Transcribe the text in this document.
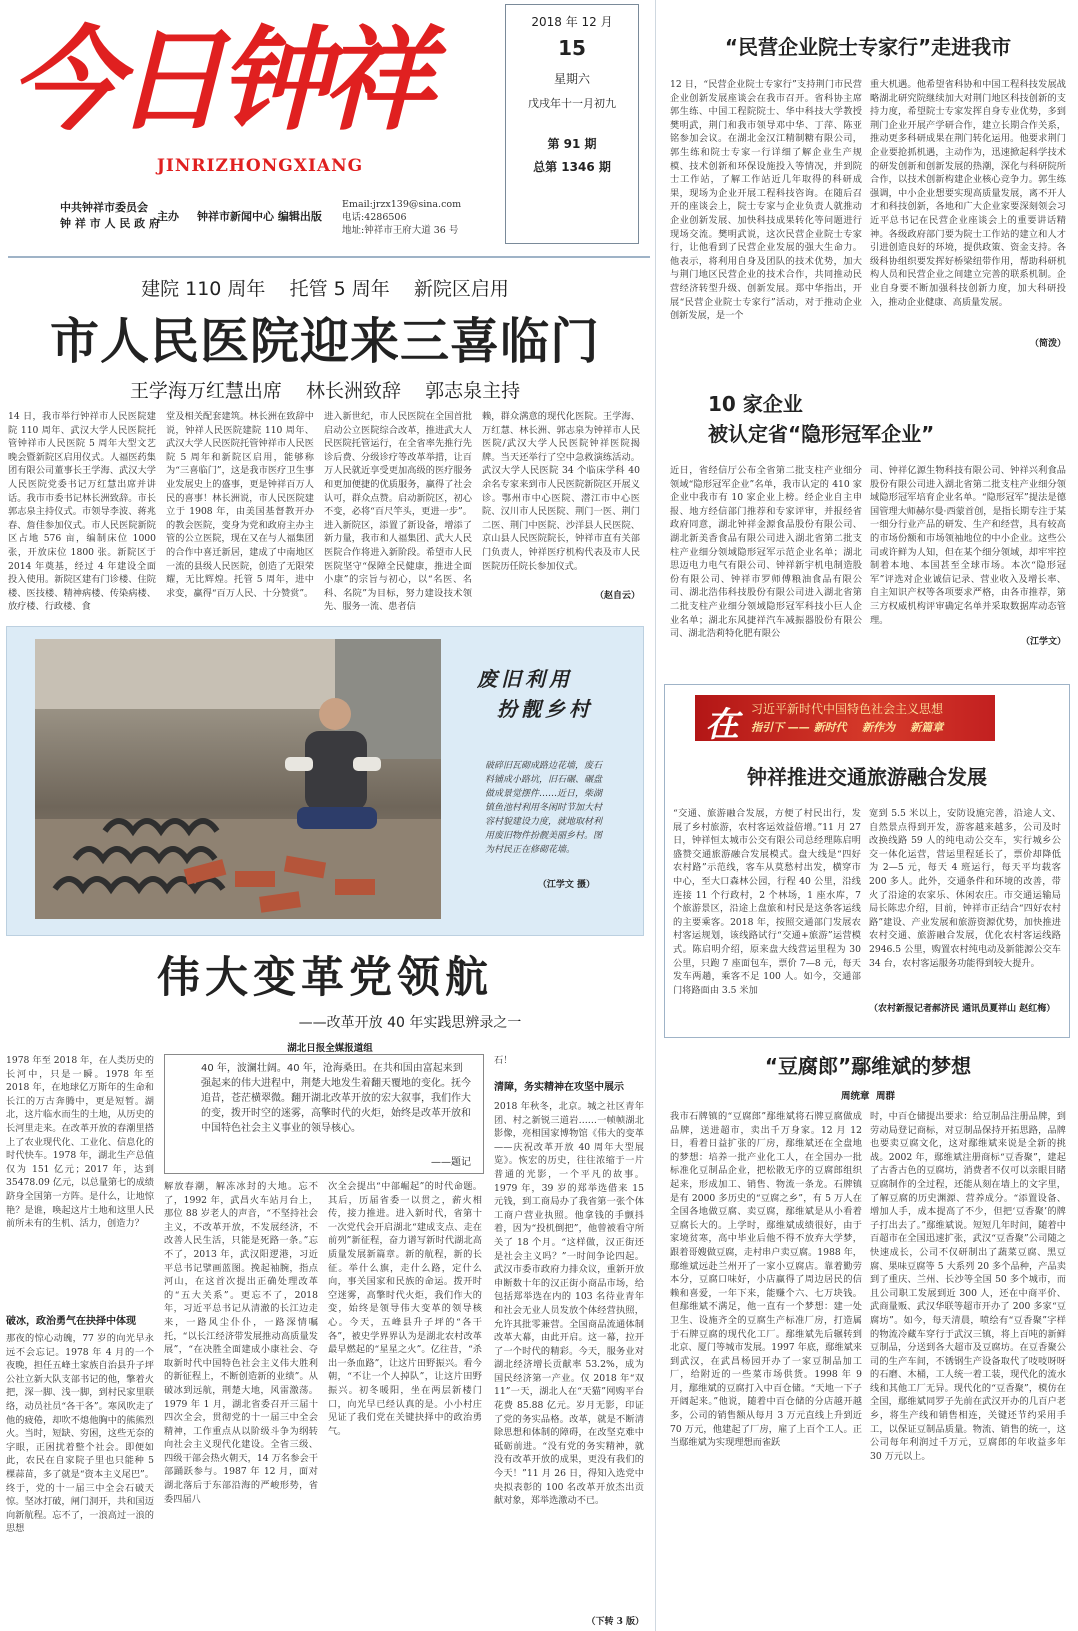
今日钟祥
JINRIZHONGXIANG
中共钟祥市委员会
钟 祥 市 人 民 政 府
主办 钟祥市新闻中心 编辑出版
Email:jrzx139@sina.com
电话:4286506
地址:钟祥市王府大道 36 号
2018 年 12 月
15
星期六
戊戌年十一月初九
第 91 期
总第 1346 期
建院 110 周年    托管 5 周年    新院区启用
市人民医院迎来三喜临门
王学海万红慧出席    林长洲致辞    郭志泉主持
14 日，我市举行钟祥市人民医院建院 110 周年、武汉大学人民医院托管钟祥市人民医院 5 周年大型文艺晚会暨新院区启用仪式。人福医药集团有限公司董事长王学海、武汉大学人民医院党委书记万红慧出席并讲话。我市市委书记林长洲致辞。市长郭志泉主持仪式。市领导李波、蒋兆春、詹佳参加仪式。市人民医院新院区占地 576 亩，编制床位 1000 张，开放床位 1800 张。新院区于 2014 年奠基，经过 4 年建设全面投入使用。新院区建有门诊楼、住院楼、医技楼、精神病楼、传染病楼、放疗楼、行政楼、食
堂及相关配套建筑。林长洲在致辞中说，钟祥人民医院建院 110 周年、武汉大学人民医院托管钟祥市人民医院 5 周年和新院区启用，能够称为“三喜临门”，这是我市医疗卫生事业发展史上的盛事，更是钟祥百万人民的喜事！林长洲说，市人民医院建立于 1908 年，由美国基督教开办的教会医院，变身为党和政府主办主管的公立医院，现在又在与人福集团的合作中喜迁新居，建成了中南地区一流的县级人民医院，创造了无限荣耀，无比辉煌。托管 5 周年，进中求变，赢得“百万人民、十分赞赏”。
进入新世纪，市人民医院在全国首批启动公立医院综合改革，推进武大人民医院托管运行，在全省率先推行先诊后费、分级诊疗等改革举措，让百万人民就近享受更加高级的医疗服务和更加便捷的优质服务，赢得了社会认可，群众点赞。启动新院区，初心不变，必将“百尺竿头，更进一步”。进入新院区，添置了新设备，增添了新力量，我市和人福集团、武大人民医院合作将进入新阶段。希望市人民医院坚守“保障全民健康，推进全面小康”的宗旨与初心，以“名医、名科、名院”为目标，努力建设技术领先、服务一流、患者信
赖，群众满意的现代化医院。王学海、万红慧、林长洲、郭志泉为钟祥市人民医院/武汉大学人民医院钟祥医院揭牌。当天还举行了空中急救演练活动。武汉大学人民医院 34 个临床学科 40 余名专家来到市人民医院新院区开展义诊。鄂州市中心医院、潜江市中心医院、汉川市人民医院、荆门一医、荆门二医、荆门中医院、沙洋县人民医院、京山县人民医院院长，钟祥市直有关部门负责人，钟祥医疗机构代表及市人民医院历任院长参加仪式。
（赵自云）
废旧利用
扮靓乡村
破碎旧瓦砌成路边花墙，废石料铺成小路坑，旧石碾、碾盘做成景觉摆件……近日，柴湖镇鱼池村利用冬闲时节加大村容村貌建设力度，就地取材利用废旧物件扮靓美丽乡村。图为村民正在修砌花墙。
（江学文 摄）
伟大变革党领航
——改革开放 40 年实践思辨录之一
湖北日报全媒报道组
1978 年至 2018 年，在人类历史的长河中，只是一瞬。1978 年至 2018 年，在地球亿万斯年的生命和长江的万古奔腾中，更是短暂。湖北，这片临水而生的土地，从历史的长河里走来。在改革开放的春潮里搭上了农业现代化、工业化、信息化的时代快车。1978 年，湖北生产总值仅为 151 亿元；2017 年，达到 35478.09 亿元，以总量第七的成绩跻身全国第一方阵。是什么，让地惊艳？是谁，唤起这片土地和这里人民前所未有的生机、活力，创造力？
破冰，政治勇气在抉择中体现
那夜的惊心动魄，77 岁的向光早永远不会忘记。1978 年 4 月的一个夜晚，担任五峰土家族自治县升子坪公社立新大队支部书记的他，擎着火把，深一脚、浅一脚，到村民家里联络，动员社员“各干各”。寒风吹走了他的疲倦，却吹不熄他胸中的熊熊烈火。当时，短缺、穷困，这些无奈的字眼，正困扰着整个社会。即便如此，农民在自家院子里也只能种 5 棵蒜苗，多了就是“资本主义尾巴”。终于，党的十一届三中全会石破天惊。坚冰打破，闸门洞开，共和国迈向新航程。忘不了，一浪高过一浪的思想
40 年，波澜壮阔。40 年，沧海桑田。在共和国由富起来到强起来的伟大进程中，荆楚大地发生着翻天覆地的变化。抚今追昔，苍茫横翠微。翻开湖北改革开放的宏大叙事，我们作大的变，拨开时空的迷雾，高擎时代的火炬，始终是改革开放和中国特色社会主义事业的领导核心。
——题记
解放春潮，解冻冰封的大地。忘不了，1992 年，武昌火车站月台上，那位 88 岁老人的声音，“不坚持社会主义，不改革开放，不发展经济，不改善人民生活，只能是死路一条。”忘不了，2013 年，武汉阳逻港，习近平总书记擘画蓝图。挽起袖腕，指点河山，在这首次提出正确处理改革的“五大关系”。更忘不了，2018 年，习近平总书记从清澈的长江边走来，一路风尘仆仆，一路深情嘱托，“以长江经济带发展推动高质量发展”，“在决胜全面建成小康社会、夺取新时代中国特色社会主义伟大胜利的新征程上，不断创造新的业绩”。从破冰到远航，荆楚大地，风雷激荡。1979 年 1 月，湖北省委召开三届十四次全会，贯彻党的十一届三中全会精神，工作重点从以阶级斗争为纲转向社会主义现代化建设。全省三级、四级干部会热火朝天，14 万名参会干部踊跃参与。1987 年 12 月，面对湖北落后于东部沿海的严峻形势，省委四届八
次全会提出“中部崛起”的时代命题。其后，历届省委一以贯之，薪火相传，接力推进。进入新时代，省第十一次党代会开启湖北“建成支点、走在前列”新征程，奋力谱写新时代湖北高质量发展新篇章。新的航程，新的长征。举什么旗，走什么路，定什么向，事关国家和民族的命运。拨开时空迷雾，高擎时代火炬，我们作大的变，始终是领导伟大变革的领导核心。今天，五峰县升子坪的“各干各”，被史学界界认为是湖北农村改革最早燃起的“星星之火”。亿往昔，“杀出一条血路”，让这片田野振兴。看今朝，“不让一个人掉队”，让这片田野振兴。初冬暖阳，坐在两层新楼门口，向光早已经认真的是。小小村庄见证了我们党在关键抉择中的政治勇气。
石！
清障，务实精神在攻坚中展示
2018 年秋冬，北京。城之社区青年团、村之新锐三道岩……一帧帧湖北影像，亮相国家博物馆《伟大的变革——庆祝改革开放 40 周年大型展览》。恢宏的历史，往往浓缩于一片普通的光影，一个平凡的故事。1979 年，39 岁的郑举选借来 15 元钱，到工商局办了我省第一张个体工商户营业执照。他拿钱的手颤抖着，因为“投机倒把”，他曾被看守所关了 18 个月。“这样做，汉正街还是社会主义吗？”一时间争论四起。武汉市委市政府力排众议，重新开放申断数十年的汉正街小商品市场，给包括郑举选在内的 103 名待业青年和社会无业人员发放个体经营执照，允许其批零兼营。全国商品流通体制改革大幕，由此开启。这一幕，拉开了一个时代的精彩。今天，服务业对湖北经济增长贡献率 53.2%，成为国民经济第一产业。仅 2018 年“双 11”一天，湖北人在“天猫”网购平台花费 85.88 亿元。岁月无影，印证了党的务实品格。改革，就是不断清除思想和体制的障碍，在改坚克难中砥砺前进。“没有党的务实精神，就没有改革开放的成果，更没有我们的今天！”11 月 26 日，得知入选党中央拟表彰的 100 名改革开放杰出贡献对象，郑举选激动不已。
（下转 3 版）
“民营企业院士专家行”走进我市
12 日，“民营企业院士专家行”支持荆门市民营企业创新发展座谈会在我市召开。省科协主席郭生练、中国工程院院士、华中科技大学教授樊明武，荆门和我市领导邓中华、丁萍、陈亚铭参加会议。在湖北金汉江精制糖有限公司，郭生练和院士专家一行详细了解企业生产规模、技术创新和环保设施投入等情况，并到院士工作站，了解工作站近几年取得的科研成果，现场为企业开展工程科技咨询。在随后召开的座谈会上，院士专家与企业负责人就推动企业创新发展、加快科技成果转化等问题进行现场交流。樊明武说，这次民营企业院士专家行，让他看到了民营企业发展的强大生命力。他表示，将利用自身及团队的技术优势，加大与荆门地区民营企业的技术合作，共同推动民营经济转型升级、创新发展。郑中华指出，开展“民营企业院士专家行”活动，对于推动企业创新发展，是一个
重大机遇。他希望省科协和中国工程科技发展战略湖北研究院继续加大对荆门地区科技创新的支持力度，希望院士专家发挥自身专业优势，多到荆门企业开展产学研合作，建立长期合作关系，推动更多科研成果在荆门转化运用。他要求荆门企业要抢抓机遇，主动作为，迅速掀起科学技术的研发创新和创新发展的热潮，深化与科研院所合作，以技术创新构建企业核心竞争力。郭生练强调，中小企业想要实现高质量发展，离不开人才和科技创新，各地和广大企业家要深刻领会习近平总书记在民营企业座谈会上的重要讲话精神。各级政府部门要为院士工作站的建立和人才引进创造良好的环境，提供政策、资金支持。各级科协组织要发挥好桥梁纽带作用，帮助科研机构人员和民营企业之间建立完善的联系机制。企业自身要不断加强科技创新力度，加大科研投入，推动企业健康、高质量发展。
（简泼）
10 家企业
被认定省“隐形冠军企业”
近日，省经信厅公布全省第二批支柱产业细分领域“隐形冠军企业”名单，我市认定的 410 家企业中我市有 10 家企业上榜。经企业自主申报、地方经信部门推荐和专家评审，并报经省政府同意，湖北钟祥金源食品股份有限公司、湖北新美香食品有限公司进入湖北省第二批支柱产业细分领域隐形冠军示范企业名单；湖北思迈电力电气有限公司、钟祥新宇机电制造股份有限公司、钟祥市罗师傅粮油食品有限公司、湖北浩伟科技股份有限公司进入湖北省第二批支柱产业细分领域隐形冠军科技小巨人企业名单；湖北东风捷祥汽车减振器股份有限公司、湖北浩莉特化肥有限公
司、钟祥亿源生物科技有限公司、钟祥兴利食品股份有限公司进入湖北省第二批支柱产业细分领域隐形冠军培育企业名单。“隐形冠军”提法是德国管理大师赫尔曼·西蒙首创，是指长期专注于某一细分行业产品的研发、生产和经营，具有较高的市场份额和市场领袖地位的中小企业。这些公司或许鲜为人知，但在某个细分领域，却牢牢控制着本地、本国甚至全球市场。本次“隐形冠军”评选对企业诚信记录、营业收入及增长率、自主知识产权等各项要求严格，由各市推荐，第三方权威机构评审确定名单并采取数据库动态管理。
（江学文）
在 习近平新时代中国特色社会主义思想
指引下 —— 新时代    新作为    新篇章
钟祥推进交通旅游融合发展
“交通、旅游融合发展，方便了村民出行，发展了乡村旅游，农村客运效益倍增。”11 月 27 日，钟祥恒太城市公交有限公司总经理陈启明盛赞交通旅游融合发展模式。盘大线是“四好农村路”示范线，客车从莫愁村出发，横穿市中心，至大口森林公园，行程 40 公里，沿线连接 11 个行政村，2 个林场，1 座水库，7 个旅游景区，沿途上盘旅和村民是这条客运线的主要乘客。2018 年，按照交通部门发展农村客运规划，该线路试行“交通+旅游”运营模式。陈启明介绍，原来盘大线营运里程为 30 公里，只跑 7 座面包车，票价 7—8 元，每天发车两趟，乘客不足 100 人。如今，交通部门将路面由 3.5 米加
宽到 5.5 米以上，安防设施完善，沿途人文、自然景点得到开发，游客越来越多，公司及时改换线路 59 人的纯电动公交车，实行城乡公交一体化运营，营运里程延长了，票价却降低为 2—5 元，每天 4 班运行，每天平均载客 200 多人。此外，交通条件和环境的改善，带火了沿途的农家乐、休闲农庄。市交通运输局局长陈忠介绍，目前，钟祥市正结合“四好农村路”建设、产业发展和旅游资源优势，加快推进农村交通、旅游融合发展，优化农村客运线路 2946.5 公里，购置农村纯电动及新能源公交车 34 台，农村客运服务功能得到较大提升。
（农村新报记者郝济民 通讯员夏祥山 赵红梅）
“豆腐郎”鄢维斌的梦想
周统章  周群
我市石牌镇的“豆腐郎”鄢维斌将石牌豆腐做成品牌，送进超市，卖出千万身家。12 月 12 日，看着日益扩张的厂房，鄢维斌还在全盘地的梦想：培养一批产业化工人，在全国办一批标准化豆制品企业，把松散无序的豆腐郎组织起来，形成加工、销售、物流一条龙。石牌镇是有 2000 多历史的“豆腐之乡”，有 5 万人在全国各地做豆腐、卖豆腐，鄢维斌是从小看着豆腐长大的。上学时，鄢维斌成绩很好，由于家境贫寒，高中毕业后他不得不放弃大学梦，跟着哥嫂做豆腐，走村串户卖豆腐。1988 年，鄢维斌远赴兰州开了一家小豆腐店。靠着勤劳本分，豆腐口味好，小店赢得了周边居民的信赖和喜爱，一年下来，能赚个六、七万块钱。但鄢维斌不满足，他一直有一个梦想：建一处卫生、设施齐全的豆腐生产标准厂房，打造属于石牌豆腐的现代化工厂。鄢维斌先后辗转到北京、厦门等城市发展。1997 年底，鄢维斌来到武汉，在武昌杨园开办了一家豆制品加工厂，给附近的一些菜市场供货。1998 年 9 月，鄢维斌的豆腐打入中百仓储。“天地一下子开阔起来。”他说，随着中百仓储的分店越开越多，公司的销售额从每月 3 万元直线上升到近 70 万元，他建起了厂房，雇了上百个工人。正当鄢维斌为实现理想而雀跃
时，中百仓储提出要求：给豆制品注册品牌，到劳动局登记商标，对豆制品保持开拓思路，品牌也要卖豆腐文化，这对鄢维斌来说是全新的挑战。2002 年，鄢维斌注册商标“豆香聚”，建起了古香古色的豆腐坊，消费者不仅可以亲眼目睹豆腐制作的全过程，还能从刻在墙上的文字里，了解豆腐的历史渊源、营养成分。“添置设备、增加人手，成本提高了不少，但把‘豆香聚’的牌子打出去了。”鄢维斌说。短短几年时间，随着中百超市在全国迅速扩张，武汉“豆香聚”公司随之快速成长，公司不仅研制出了蔬菜豆腐、黑豆腐、果味豆腐等 5 大系列 20 多个品种，产品卖到了重庆、兰州、长沙等全国 50 多个城市，而且公司职工发展到近 300 人，还在中商平价、武商量贩、武汉华联等超市开办了 200 多家“豆腐坊”。如今，每天清晨，喷绘有“豆香聚”字样的物流冷藏车穿行于武汉三镇，将上百吨的新鲜豆制品，分送到各大超市及豆腐坊。在豆香聚公司的生产车间，不锈钢生产设备取代了吱吱呀呀的石磨、木桶，工人统一着工装，现代化的流水线和其他工厂无异。现代化的“豆香聚”，模仿在全国，鄢维斌同罗子先前在武汉开办的几百户老乡，将生产线和销售相连，关键还节约采用手工，以保证豆制品质量。物流、销售的统一，这公司每年利润过千万元，豆腐郎的年收益多年 30 万元以上。
